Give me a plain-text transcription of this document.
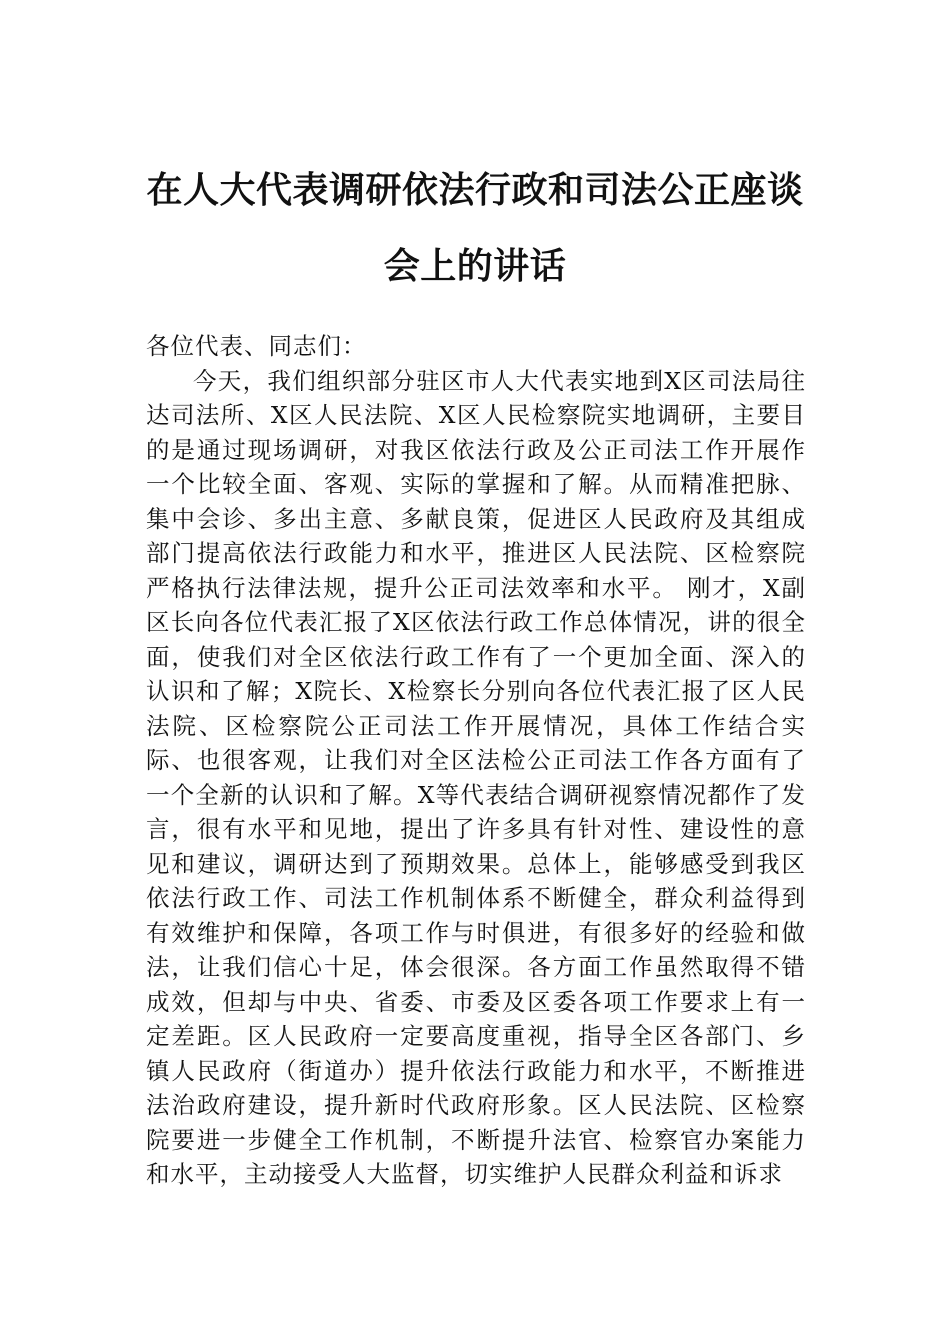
在人大代表调研依法行政和司法公正座谈
会上的讲话

各位代表、同志们：

今天，我们组织部分驻区市人大代表实地到X区司法局往达司法所、X区人民法院、X区人民检察院实地调研，主要目的是通过现场调研，对我区依法行政及公正司法工作开展作一个比较全面、客观、实际的掌握和了解。从而精准把脉、集中会诊、多出主意、多献良策，促进区人民政府及其组成部门提高依法行政能力和水平，推进区人民法院、区检察院严格执行法律法规，提升公正司法效率和水平。 刚才，X副区长向各位代表汇报了X区依法行政工作总体情况，讲的很全面，使我们对全区依法行政工作有了一个更加全面、深入的认识和了解；X院长、X检察长分别向各位代表汇报了区人民法院、区检察院公正司法工作开展情况，具体工作结合实际、也很客观，让我们对全区法检公正司法工作各方面有了一个全新的认识和了解。X等代表结合调研视察情况都作了发言，很有水平和见地，提出了许多具有针对性、建设性的意见和建议，调研达到了预期效果。总体上，能够感受到我区依法行政工作、司法工作机制体系不断健全，群众利益得到有效维护和保障，各项工作与时俱进，有很多好的经验和做法，让我们信心十足，体会很深。各方面工作虽然取得不错成效，但却与中央、省委、市委及区委各项工作要求上有一定差距。区人民政府一定要高度重视，指导全区各部门、乡镇人民政府（街道办）提升依法行政能力和水平，不断推进法治政府建设，提升新时代政府形象。区人民法院、区检察院要进一步健全工作机制，不断提升法官、检察官办案能力和水平，主动接受人大监督，切实维护人民群众利益和诉求
